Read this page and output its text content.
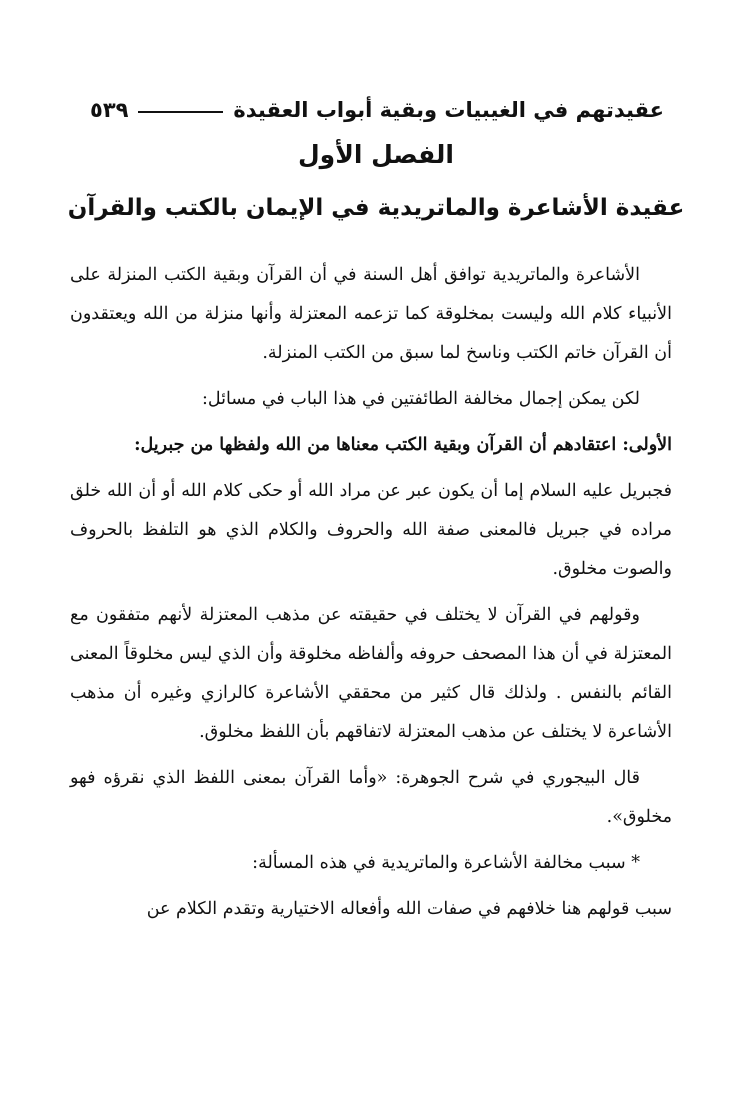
عقيدتهم في الغيبيات وبقية أبواب العقيدة
٥٣٩
الفصل الأول
عقيدة الأشاعرة والماتريدية في الإيمان بالكتب والقرآن

الأشاعرة والماتريدية توافق أهل السنة في أن القرآن وبقية الكتب المنزلة على الأنبياء كلام الله وليست بمخلوقة كما تزعمه المعتزلة وأنها منزلة من الله ويعتقدون أن القرآن خاتم الكتب وناسخ لما سبق من الكتب المنزلة.

لكن يمكن إجمال مخالفة الطائفتين في هذا الباب في مسائل:

الأولى: اعتقادهم أن القرآن وبقية الكتب معناها من الله ولفظها من جبريل:

فجبريل عليه السلام إما أن يكون عبر عن مراد الله أو حكى كلام الله أو أن الله خلق مراده في جبريل فالمعنى صفة الله والحروف والكلام الذي هو التلفظ بالحروف والصوت مخلوق.

وقولهم في القرآن لا يختلف في حقيقته عن مذهب المعتزلة لأنهم متفقون مع المعتزلة في أن هذا المصحف حروفه وألفاظه مخلوقة وأن الذي ليس مخلوقاً المعنى القائم بالنفس . ولذلك قال كثير من محققي الأشاعرة كالرازي وغيره أن مذهب الأشاعرة لا يختلف عن مذهب المعتزلة لاتفاقهم بأن اللفظ مخلوق.

قال البيجوري في شرح الجوهرة: «وأما القرآن بمعنى اللفظ الذي نقرؤه فهو مخلوق».

* سبب مخالفة الأشاعرة والماتريدية في هذه المسألة:

سبب قولهم هنا خلافهم في صفات الله وأفعاله الاختيارية وتقدم الكلام عن
